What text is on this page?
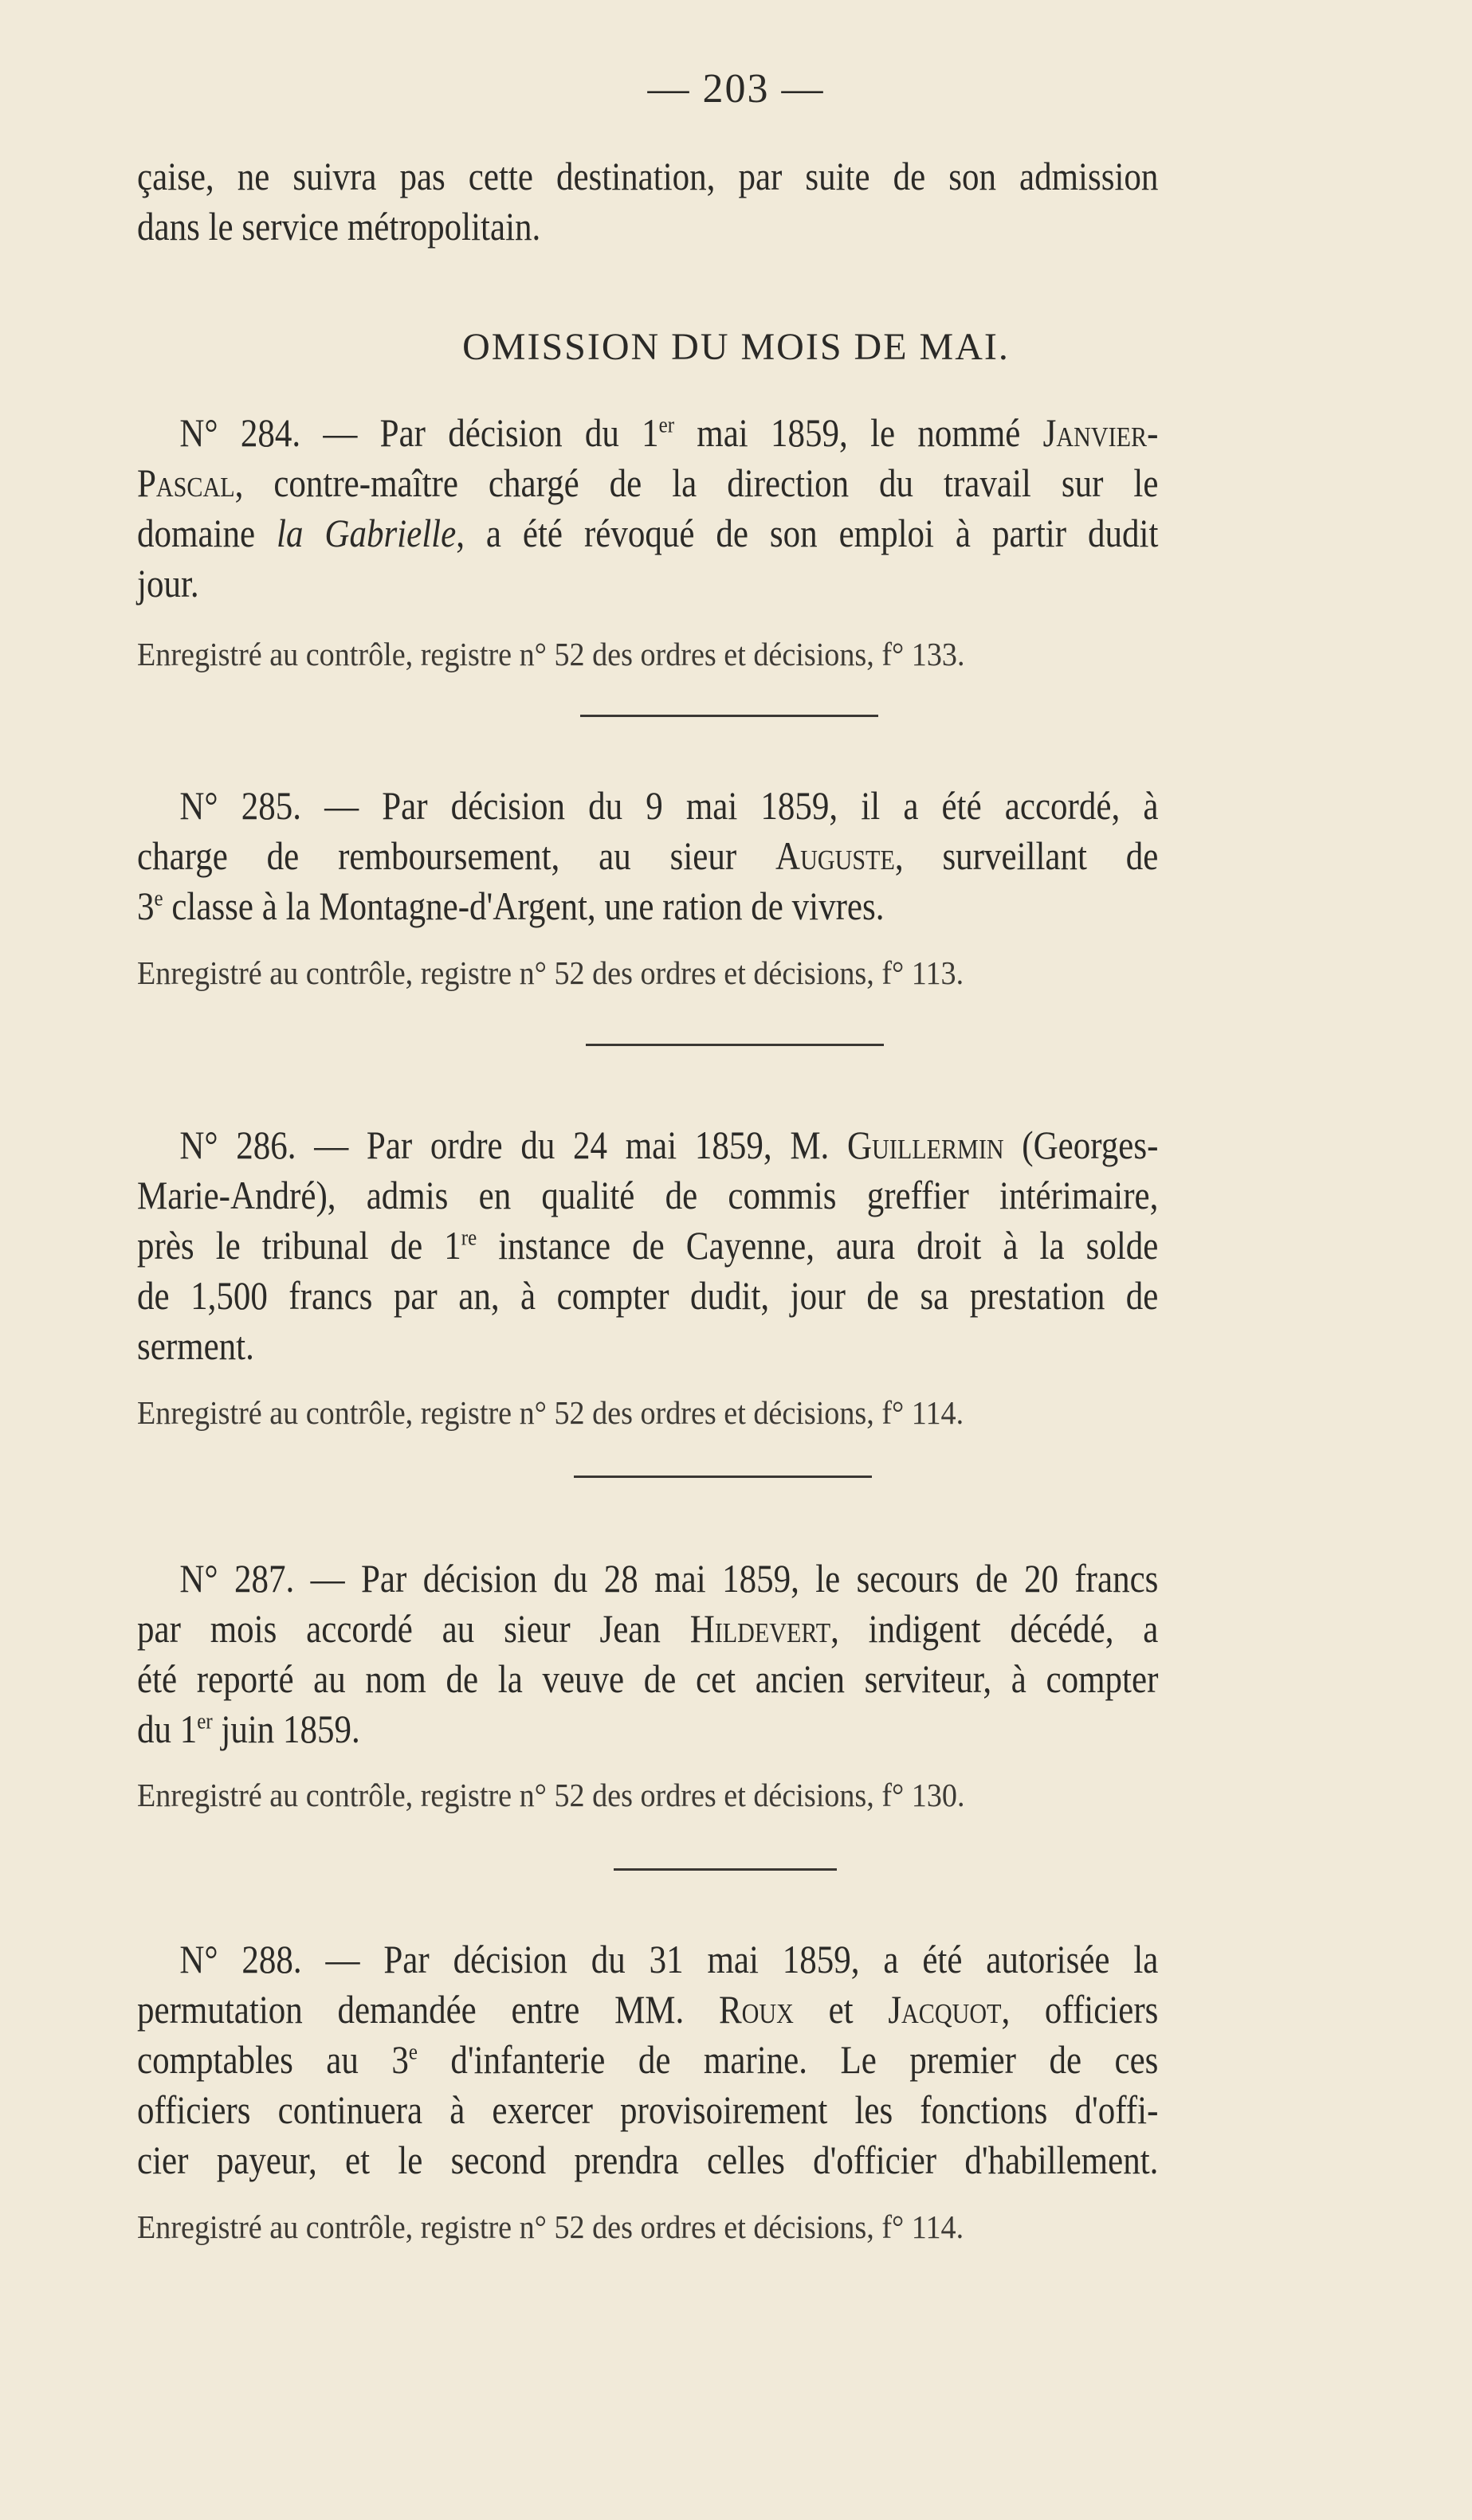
— 203 —

çaise, ne suivra pas cette destination, par suite de son admission
dans le service métropolitain.

OMISSION DU MOIS DE MAI.

N° 284. — Par décision du 1er mai 1859, le nommé Janvier-
Pascal, contre-maître chargé de la direction du travail sur le
domaine la Gabrielle, a été révoqué de son emploi à partir dudit
jour.

Enregistré au contrôle, registre n° 52 des ordres et décisions, f° 133.

N° 285. — Par décision du 9 mai 1859, il a été accordé, à
charge de remboursement, au sieur Auguste, surveillant de
3e classe à la Montagne-d'Argent, une ration de vivres.

Enregistré au contrôle, registre n° 52 des ordres et décisions, f° 113.

N° 286. — Par ordre du 24 mai 1859, M. Guillermin (Georges-
Marie-André), admis en qualité de commis greffier intérimaire,
près le tribunal de 1re instance de Cayenne, aura droit à la solde
de 1,500 francs par an, à compter dudit, jour de sa prestation de
serment.

Enregistré au contrôle, registre n° 52 des ordres et décisions, f° 114.

N° 287. — Par décision du 28 mai 1859, le secours de 20 francs
par mois accordé au sieur Jean Hildevert, indigent décédé, a
été reporté au nom de la veuve de cet ancien serviteur, à compter
du 1er juin 1859.

Enregistré au contrôle, registre n° 52 des ordres et décisions, f° 130.

N° 288. — Par décision du 31 mai 1859, a été autorisée la
permutation demandée entre MM. Roux et Jacquot, officiers
comptables au 3e d'infanterie de marine. Le premier de ces
officiers continuera à exercer provisoirement les fonctions d'offi-
cier payeur, et le second prendra celles d'officier d'habillement.

Enregistré au contrôle, registre n° 52 des ordres et décisions, f° 114.
